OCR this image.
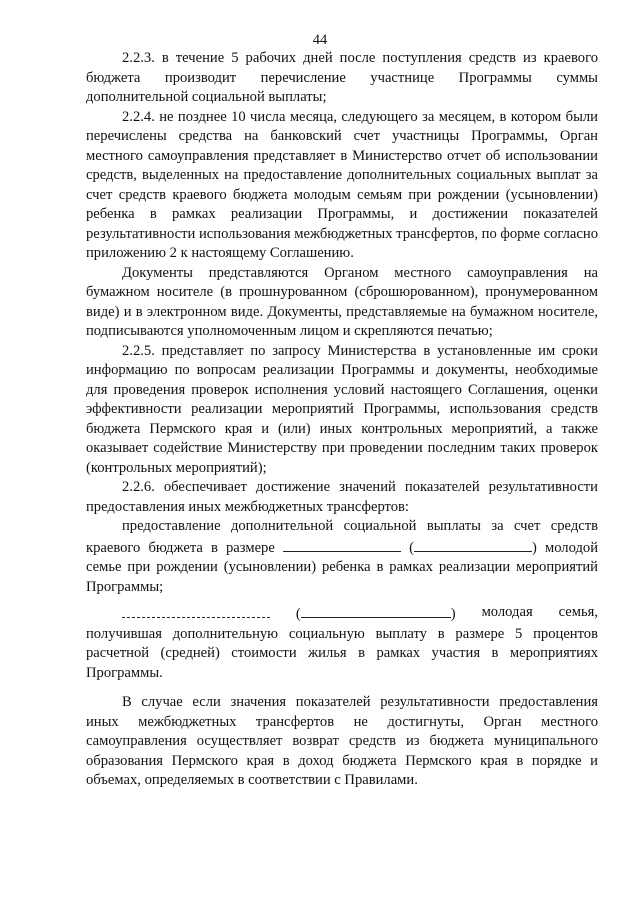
44

2.2.3. в течение 5 рабочих дней после поступления средств из краевого бюджета производит перечисление участнице Программы суммы дополнительной социальной выплаты;

2.2.4. не позднее 10 числа месяца, следующего за месяцем, в котором были перечислены средства на банковский счет участницы Программы, Орган местного самоуправления представляет в Министерство отчет об использовании средств, выделенных на предоставление дополнительных социальных выплат за счет средств краевого бюджета молодым семьям при рождении (усыновлении) ребенка в рамках реализации Программы, и достижении показателей результативности использования межбюджетных трансфертов, по форме согласно приложению 2 к настоящему Соглашению.

Документы представляются Органом местного самоуправления на бумажном носителе (в прошнурованном (сброшюрованном), пронумерованном виде) и в электронном виде. Документы, представляемые на бумажном носителе, подписываются уполномоченным лицом и скрепляются печатью;

2.2.5. представляет по запросу Министерства в установленные им сроки информацию по вопросам реализации Программы и документы, необходимые для проведения проверок исполнения условий настоящего Соглашения, оценки эффективности реализации мероприятий Программы, использования средств бюджета Пермского края и (или) иных контрольных мероприятий, а также оказывает содействие Министерству при проведении последним таких проверок (контрольных мероприятий);

2.2.6. обеспечивает достижение значений показателей результативности предоставления иных межбюджетных трансфертов:

предоставление дополнительной социальной выплаты за счет средств краевого бюджета в размере	(	) молодой семье при рождении (усыновлении) ребенка в рамках реализации мероприятий Программы;

(	) молодая семья,
получившая дополнительную социальную выплату в размере 5 процентов расчетной (средней) стоимости жилья в рамках участия в мероприятиях Программы.

В случае если значения показателей результативности предоставления иных межбюджетных трансфертов не достигнуты, Орган местного самоуправления осуществляет возврат средств из бюджета муниципального образования Пермского края в доход бюджета Пермского края в порядке и объемах, определяемых в соответствии с Правилами.
